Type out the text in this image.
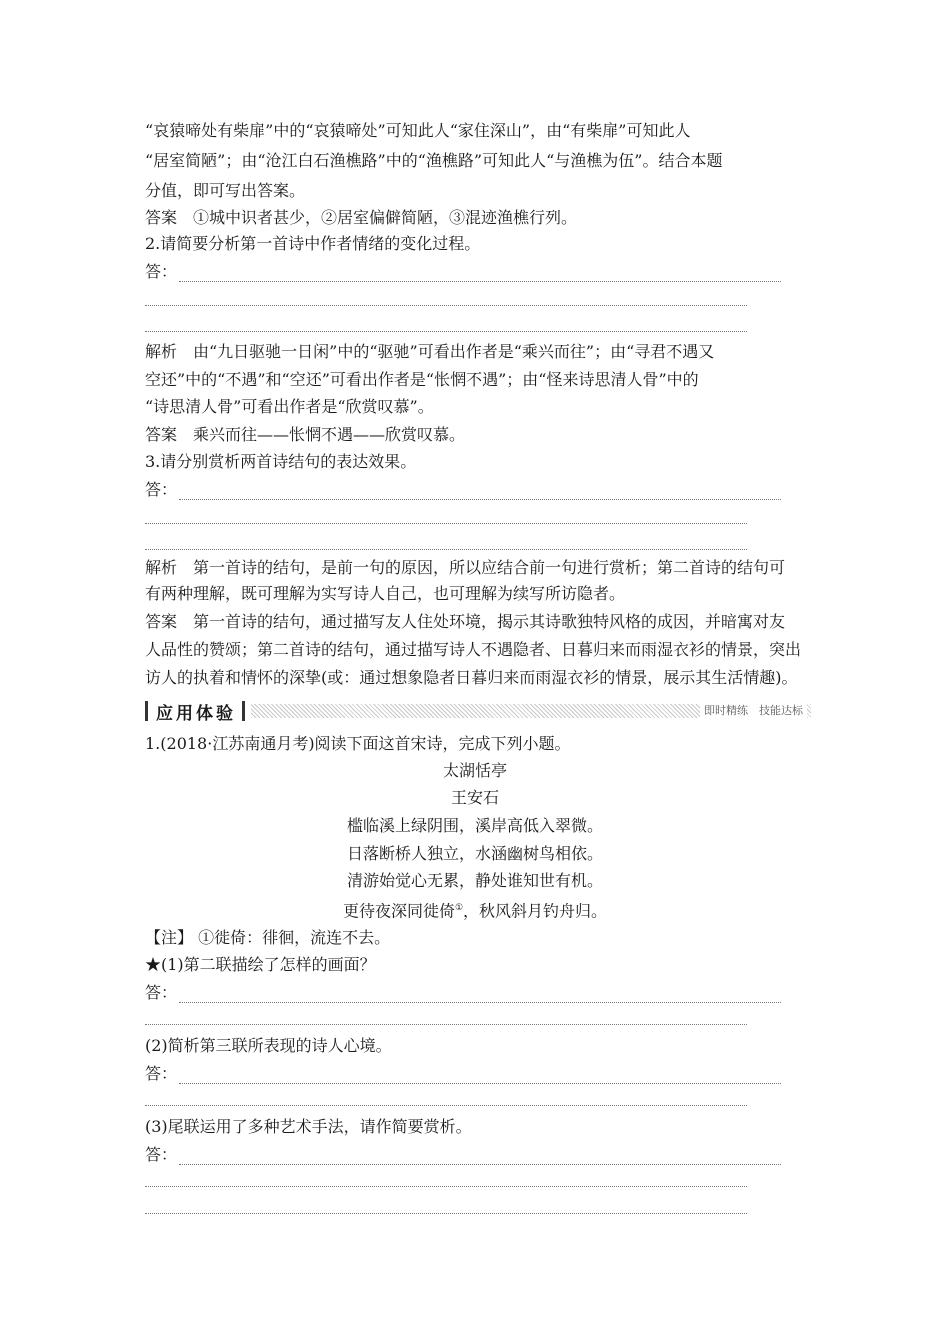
“哀猿啼处有柴扉”中的“哀猿啼处”可知此人“家住深山”，由“有柴扉”可知此人
“居室简陋”；由“沧江白石渔樵路”中的“渔樵路”可知此人“与渔樵为伍”。结合本题
分值，即可写出答案。
答案　①城中识者甚少，②居室偏僻简陋，③混迹渔樵行列。
2.请简要分析第一首诗中作者情绪的变化过程。
答：
解析　由“九日驱驰一日闲”中的“驱驰”可看出作者是“乘兴而往”；由“寻君不遇又
空还”中的“不遇”和“空还”可看出作者是“怅惘不遇”；由“怪来诗思清人骨”中的
“诗思清人骨”可看出作者是“欣赏叹慕”。
答案　乘兴而往——怅惘不遇——欣赏叹慕。
3.请分别赏析两首诗结句的表达效果。
答：
解析　第一首诗的结句，是前一句的原因，所以应结合前一句进行赏析；第二首诗的结句可
有两种理解，既可理解为实写诗人自己，也可理解为续写所访隐者。
答案　第一首诗的结句，通过描写友人住处环境，揭示其诗歌独特风格的成因，并暗寓对友
人品性的赞颂；第二首诗的结句，通过描写诗人不遇隐者、日暮归来而雨湿衣衫的情景，突出
访人的执着和情怀的深挚(或：通过想象隐者日暮归来而雨湿衣衫的情景，展示其生活情趣)。
应用体验	即时精练　技能达标
1.(2018·江苏南通月考)阅读下面这首宋诗，完成下列小题。
太湖恬亭
王安石
槛临溪上绿阴围，溪岸高低入翠微。
日落断桥人独立，水涵幽树鸟相依。
清游始觉心无累，静处谁知世有机。
更待夜深同徙倚①，秋风斜月钓舟归。
【注】 ①徙倚：徘徊，流连不去。
★(1)第二联描绘了怎样的画面？
答：
(2)简析第三联所表现的诗人心境。
答：
(3)尾联运用了多种艺术手法，请作简要赏析。
答：
